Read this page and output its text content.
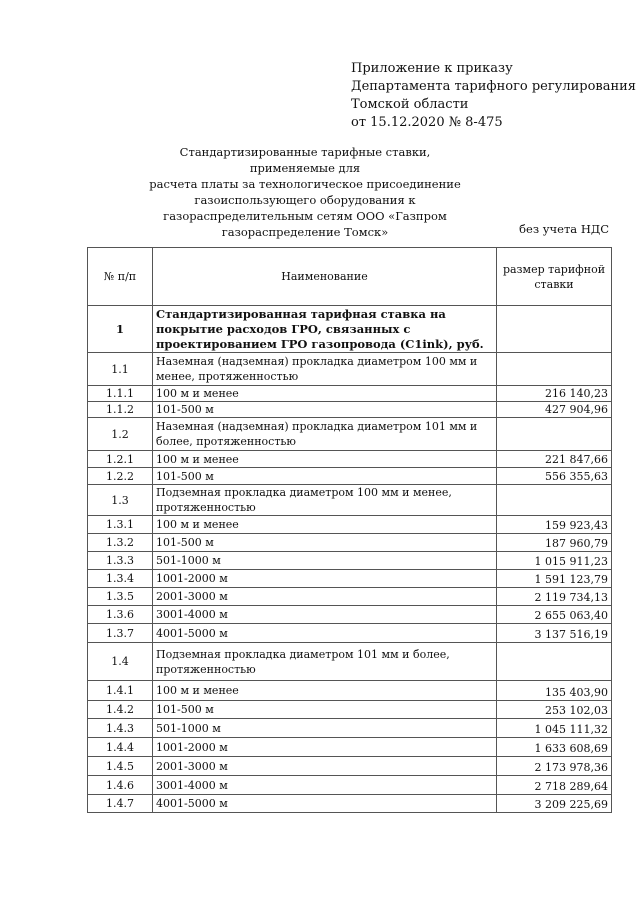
Приложение к приказу
Департамента тарифного регулирования
Томской области
от 15.12.2020 № 8-475
Стандартизированные тарифные ставки, применяемые для
расчета платы за технологическое присоединение
газоиспользующего оборудования к
газораспределительным сетям ООО «Газпром
газораспределение Томск»	без учета НДС
№ п/п	Наименование	размер тарифной ставки
1	Стандартизированная тарифная ставка на покрытие расходов ГРО, связанных с проектированием ГРО газопровода (C1ink), руб.	
1.1	Наземная (надземная) прокладка диаметром 100 мм и менее, протяженностью	
1.1.1	100 м и менее	216 140,23
1.1.2	101-500 м	427 904,96
1.2	Наземная (надземная) прокладка диаметром 101 мм и более, протяженностью	
1.2.1	100 м и менее	221 847,66
1.2.2	101-500 м	556 355,63
1.3	Подземная прокладка диаметром 100 мм и менее, протяженностью	
1.3.1	100 м и менее	159 923,43
1.3.2	101-500 м	187 960,79
1.3.3	501-1000 м	1 015 911,23
1.3.4	1001-2000 м	1 591 123,79
1.3.5	2001-3000 м	2 119 734,13
1.3.6	3001-4000 м	2 655 063,40
1.3.7	4001-5000 м	3 137 516,19
1.4	Подземная прокладка диаметром 101 мм и более, протяженностью	
1.4.1	100 м и менее	135 403,90
1.4.2	101-500 м	253 102,03
1.4.3	501-1000 м	1 045 111,32
1.4.4	1001-2000 м	1 633 608,69
1.4.5	2001-3000 м	2 173 978,36
1.4.6	3001-4000 м	2 718 289,64
1.4.7	4001-5000 м	3 209 225,69
